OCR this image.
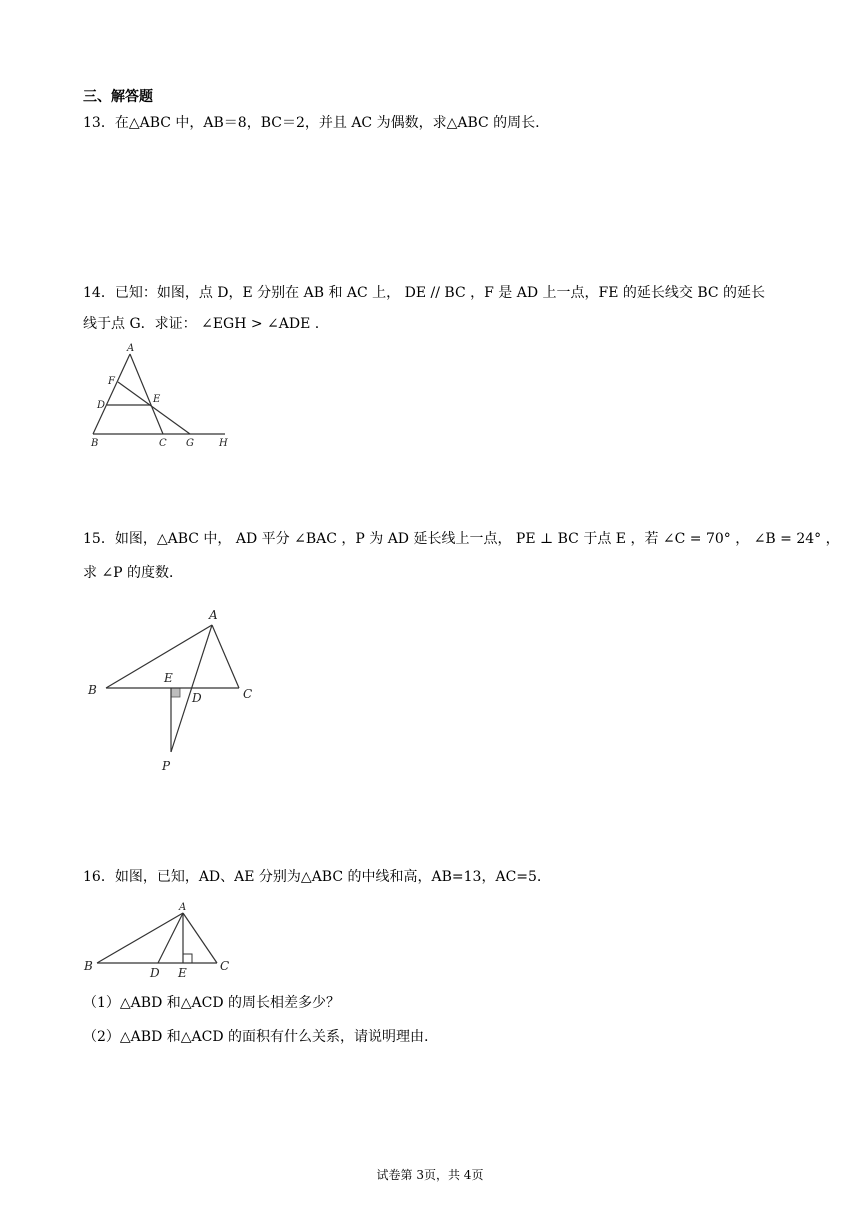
三、解答题
13．在△ABC 中，AB＝8，BC＝2，并且 AC 为偶数，求△ABC 的周长.
14．已知：如图，点 D，E 分别在 AB 和 AC 上， DE // BC ，F 是 AD 上一点，FE 的延长线交 BC 的延长
线于点 G．求证： ∠EGH > ∠ADE .
A
F
D
E
B	C G	H
15．如图，△ABC 中， AD 平分 ∠BAC ，P 为 AD 延长线上一点， PE ⊥ BC 于点 E ，若 ∠C = 70° ， ∠B = 24° ，
求 ∠P 的度数．
A
B	C
D
E
P
16．如图，已知，AD、AE 分别为△ABC 的中线和高，AB=13，AC=5.
A
B	C
D E
（1）△ABD 和△ACD 的周长相差多少？
（2）△ABD 和△ACD 的面积有什么关系，请说明理由.
试卷第 3页，共 4页
